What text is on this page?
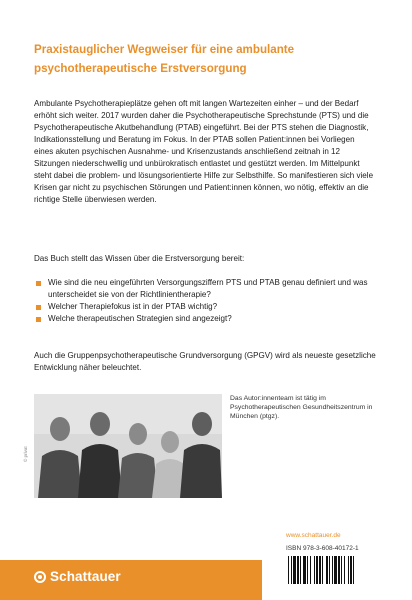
Praxistauglicher Wegweiser für eine ambulante psychotherapeutische Erstversorgung

Ambulante Psychotherapieplätze gehen oft mit langen Wartezeiten einher – und der Bedarf erhöht sich weiter. 2017 wurden daher die Psychotherapeutische Sprechstunde (PTS) und die Psychotherapeutische Akutbehandlung (PTAB) eingeführt. Bei der PTS stehen die Diagnostik, Indikationsstellung und Beratung im Fokus. In der PTAB sollen Patient:innen bei Vorliegen eines akuten psychischen Ausnahme- und Krisenzustands anschließend zeitnah in 12 Sitzungen niederschwellig und unbürokratisch entlastet und gestützt werden. Im Mittelpunkt steht dabei die problem- und lösungsorientierte Hilfe zur Selbsthilfe. So manifestieren sich viele Krisen gar nicht zu psychischen Störungen und Patient:innen können, wo nötig, effektiv an die richtige Stelle überwiesen werden.

Das Buch stellt das Wissen über die Erstversorgung bereit:

Wie sind die neu eingeführten Versorgungsziffern PTS und PTAB genau definiert und was unterscheidet sie von der Richtlinientherapie?
Welcher Therapiefokus ist in der PTAB wichtig?
Welche therapeutischen Strategien sind angezeigt?

Auch die Gruppenpsychotherapeutische Grundversorgung (GPGV) wird als neueste gesetzliche Entwicklung näher beleuchtet.

© privat

Das Autor:innenteam ist tätig im Psychotherapeutischen Gesundheitszentrum in München (ptgz).

www.schattauer.de
ISBN 978-3-608-40172-1
Schattauer
